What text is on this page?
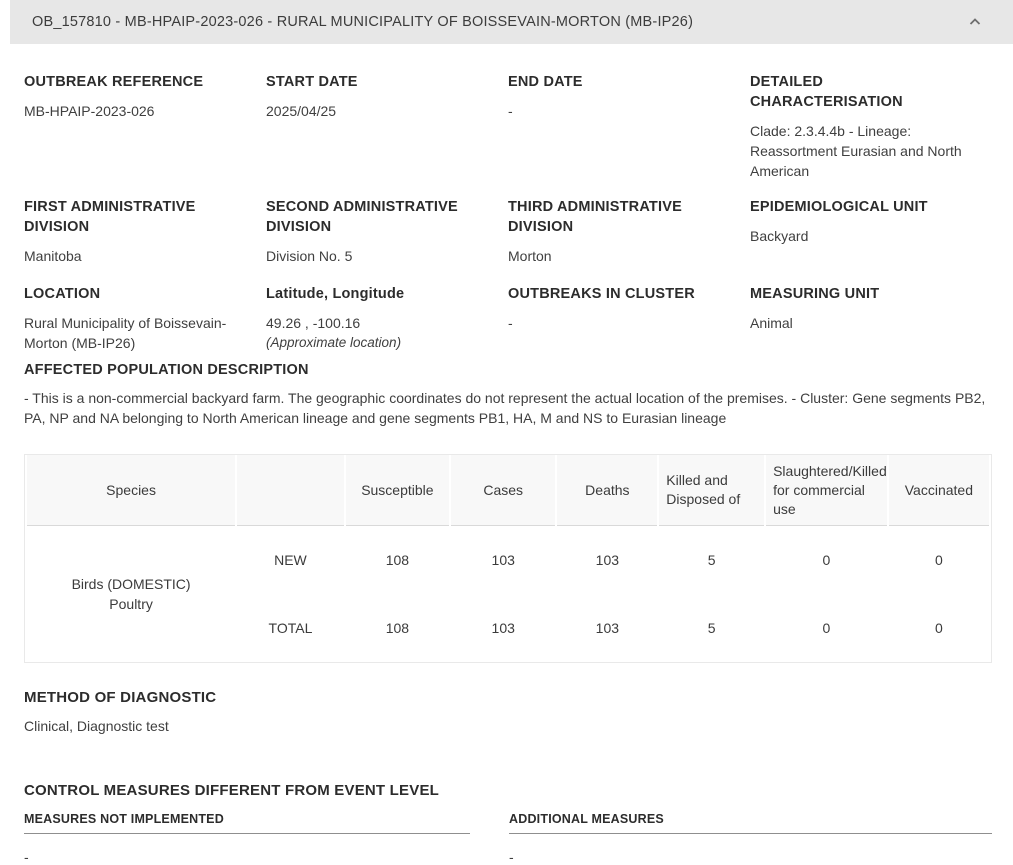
OB_157810 - MB-HPAIP-2023-026 - RURAL MUNICIPALITY OF BOISSEVAIN-MORTON (MB-IP26)
OUTBREAK REFERENCE
MB-HPAIP-2023-026
START DATE
2025/04/25
END DATE
-
DETAILED CHARACTERISATION
Clade: 2.3.4.4b - Lineage: Reassortment Eurasian and North American
FIRST ADMINISTRATIVE DIVISION
Manitoba
SECOND ADMINISTRATIVE DIVISION
Division No. 5
THIRD ADMINISTRATIVE DIVISION
Morton
EPIDEMIOLOGICAL UNIT
Backyard
LOCATION
Rural Municipality of Boissevain-Morton (MB-IP26)
Latitude, Longitude
49.26 , -100.16
(Approximate location)
OUTBREAKS IN CLUSTER
-
MEASURING UNIT
Animal
AFFECTED POPULATION DESCRIPTION
- This is a non-commercial backyard farm. The geographic coordinates do not represent the actual location of the premises. - Cluster: Gene segments PB2, PA, NP and NA belonging to North American lineage and gene segments PB1, HA, M and NS to Eurasian lineage
Species		Susceptible	Cases	Deaths	Killed and Disposed of	Slaughtered/Killed for commercial use	Vaccinated

Birds (DOMESTIC)
Poultry	NEW	108	103	103	5	0	0
	TOTAL	108	103	103	5	0	0
METHOD OF DIAGNOSTIC
Clinical, Diagnostic test
CONTROL MEASURES DIFFERENT FROM EVENT LEVEL
MEASURES NOT IMPLEMENTED
-
ADDITIONAL MEASURES
-
